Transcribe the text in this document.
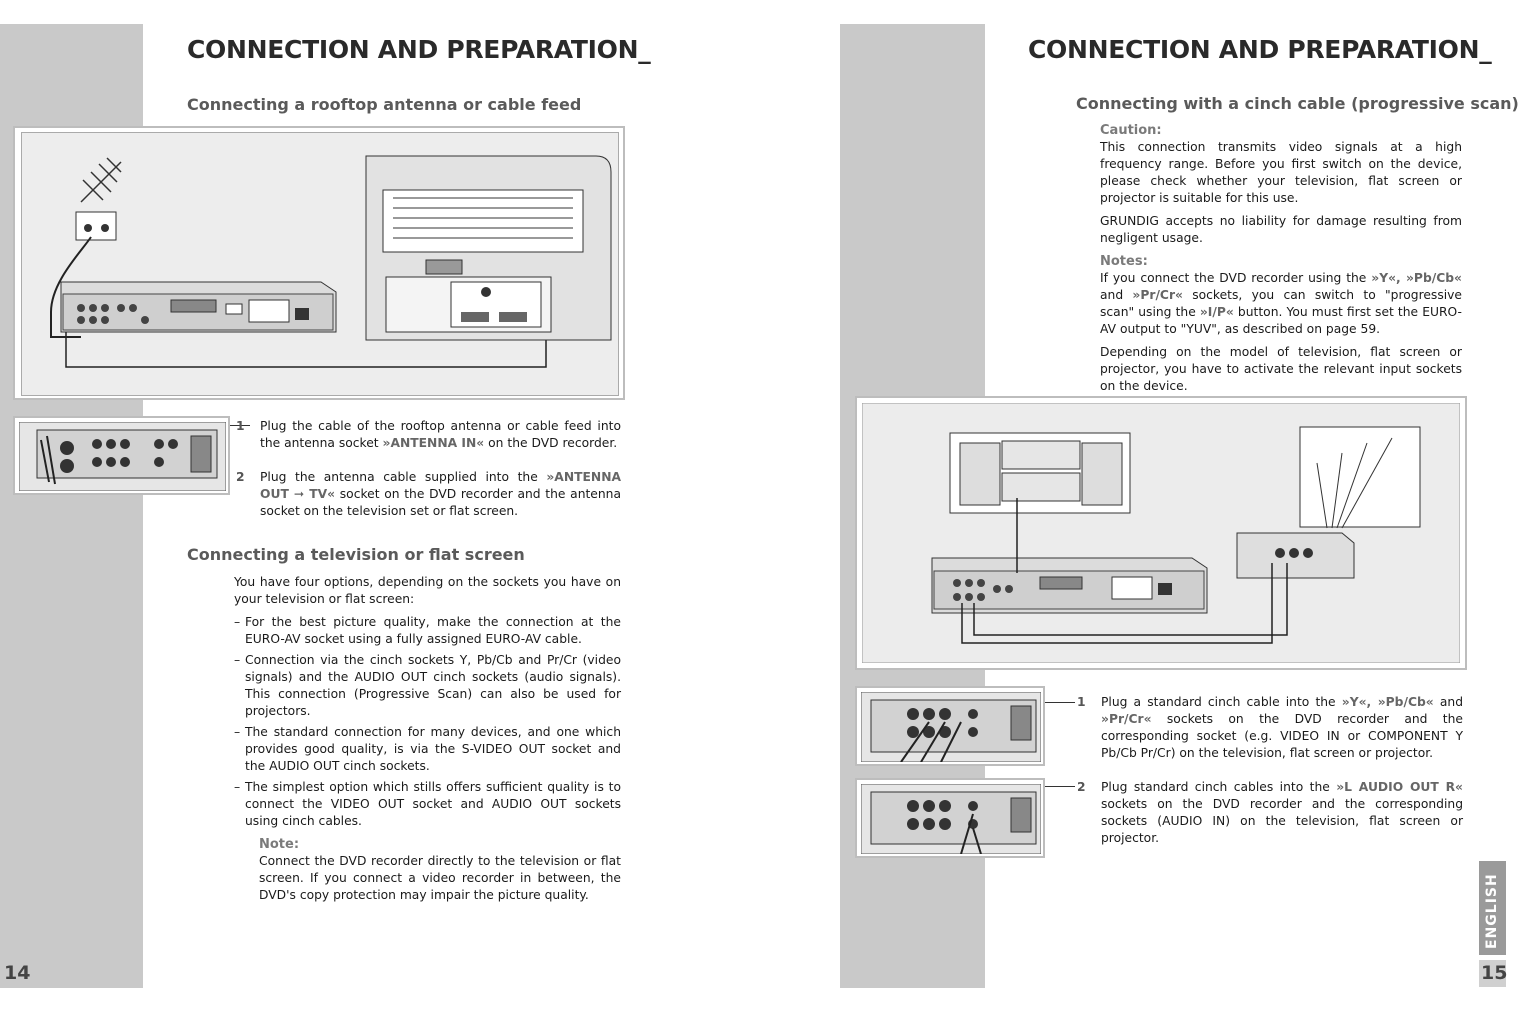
CONNECTION AND PREPARATION_
Connecting a rooftop antenna or cable feed
1	Plug the cable of the rooftop antenna or cable feed into the antenna socket »ANTENNA IN« on the DVD recorder.
2	Plug the antenna cable supplied into the »ANTENNA OUT ➞ TV« socket on the DVD recorder and the antenna socket on the television set or flat screen.
Connecting a television or flat screen

You have four options, depending on the sockets you have on your television or flat screen:

– For the best picture quality, make the connection at the EURO-AV socket using a fully assigned EURO-AV cable.
– Connection via the cinch sockets Y, Pb/Cb and Pr/Cr (video signals) and the AUDIO OUT cinch sockets (audio signals). This connection (Progressive Scan) can also be used for projectors.
– The standard connection for many devices, and one which provides good quality, is via the S-VIDEO OUT socket and the AUDIO OUT cinch sockets.
– The simplest option which stills offers sufficient quality is to connect the VIDEO OUT socket and AUDIO OUT sockets using cinch cables.
Note:

Connect the DVD recorder directly to the television or flat screen. If you connect a video recorder in between, the DVD's copy protection may impair the picture quality.

14
CONNECTION AND PREPARATION_
Connecting with a cinch cable (progressive scan)
Caution:

This connection transmits video signals at a high frequency range. Before you first switch on the device, please check whether your television, flat screen or projector is suitable for this use.

GRUNDIG accepts no liability for damage resulting from negligent usage.

Notes:

If you connect the DVD recorder using the »Y«, »Pb/Cb« and »Pr/Cr« sockets, you can switch to "progressive scan" using the »I/P« button. You must first set the EURO-AV output to "YUV", as described on page 59.

Depending on the model of television, flat screen or projector, you have to activate the relevant input sockets on the device.

1	Plug a standard cinch cable into the »Y«, »Pb/Cb« and »Pr/Cr« sockets on the DVD recorder and the corresponding socket (e.g. VIDEO IN or COMPONENT Y Pb/Cb Pr/Cr) on the television, flat screen or projector.
2	Plug standard cinch cables into the »L AUDIO OUT R« sockets on the DVD recorder and the corresponding sockets (AUDIO IN) on the television, flat screen or projector.
ENGLISH
15
